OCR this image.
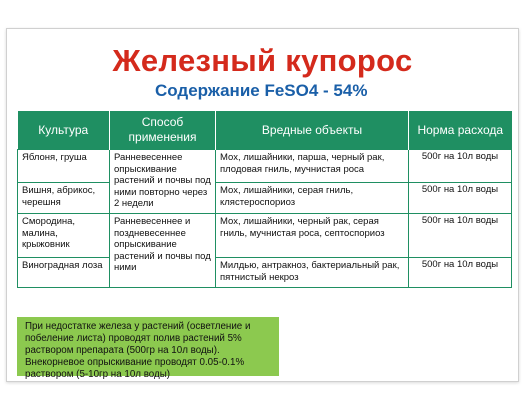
Железный купорос
Содержание FeSO4 - 54%
Культура	Способ применения	Вредные объекты	Норма расхода
Яблоня, груша	Ранневесеннее опрыскивание растений и почвы под ними повторно через 2 недели	Мох, лишайники, парша, черный рак, плодовая гниль, мучнистая роса	500г на 10л воды
Вишня, абрикос, черешня		Мох, лишайники, серая гниль, клястероспориоз	500г на 10л воды
Смородина, малина, крыжовник	Ранневесеннее и поздневесеннее опрыскивание растений и почвы под ними	Мох, лишайники, черный рак, серая гниль, мучнистая роса, септоспориоз	500г на 10л воды
Виноградная лоза		Милдью, антракноз, бактериальный рак, пятнистый некроз	500г на 10л воды
При недостатке железа у растений (осветление и побеление листа) проводят полив растений 5% раствором препарата (500гр на 10л воды). Внекорневое опрыскивание проводят 0.05-0.1% раствором (5-10гр на 10л воды)
